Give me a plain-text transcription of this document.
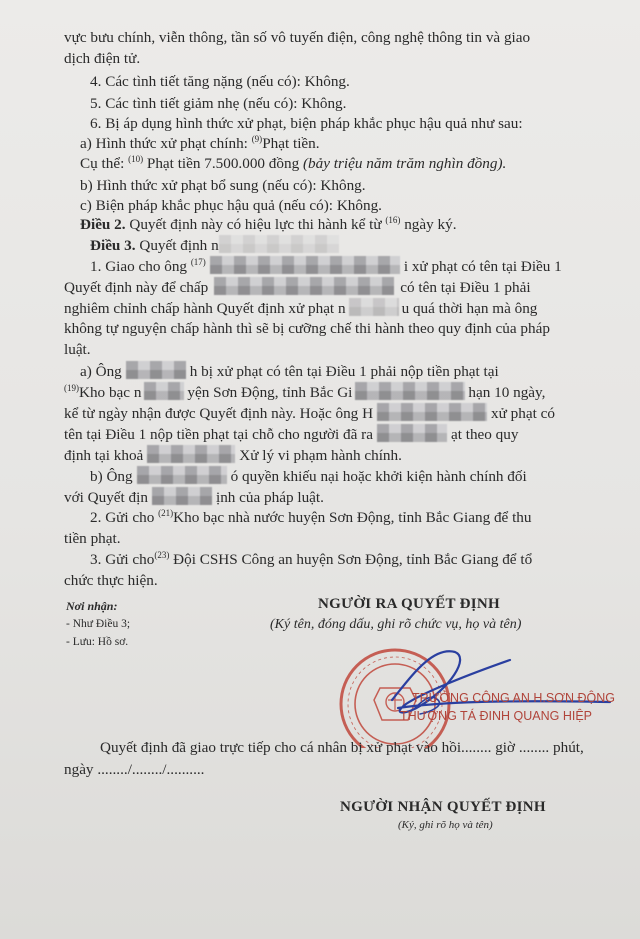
vực bưu chính, viễn thông, tần số vô tuyến điện, công nghệ thông tin và giao
dịch điện tử.
4. Các tình tiết tăng nặng (nếu có): Không.
5. Các tình tiết giảm nhẹ (nếu có): Không.
6. Bị áp dụng hình thức xử phạt, biện pháp khắc phục hậu quả như sau:
a) Hình thức xử phạt chính: $^{(9)}$Phạt tiền.
Cụ thể: $^{(10)}$ Phạt tiền 7.500.000 đồng (bảy triệu năm trăm nghìn đồng).
b) Hình thức xử phạt bổ sung (nếu có): Không.
c) Biện pháp khắc phục hậu quả (nếu có): Không.
Điều 2. Quyết định này có hiệu lực thi hành kể từ $^{(16)}$ ngày ký.
Điều 3. Quyết định n
1. Giao cho ông $^{(17)}$	i xử phạt có tên tại Điều 1
Quyết định này để chấp	có tên tại Điều 1 phải
nghiêm chỉnh chấp hành Quyết định xử phạt n	u quá thời hạn mà ông
không tự nguyện chấp hành thì sẽ bị cưỡng chế thi hành theo quy định của pháp
luật.
a) Ông	h bị xử phạt có tên tại Điều 1 phải nộp tiền phạt tại
$^{(19)}$Kho bạc n	yện Sơn Động, tỉnh Bắc Gi	hạn 10 ngày,
kể từ ngày nhận được Quyết định này. Hoặc ông H	xử phạt có
tên tại Điều 1 nộp tiền phạt tại chỗ cho người đã ra	ạt theo quy
định tại khoả	Xử lý vi phạm hành chính.
b) Ông	ó quyền khiếu nại hoặc khởi kiện hành chính đối
với Quyết địn	ịnh của pháp luật.
2. Gửi cho $^{(21)}$Kho bạc nhà nước huyện Sơn Động, tỉnh Bắc Giang để thu
tiền phạt.
3. Gửi cho$^{(23)}$ Đội CSHS Công an huyện Sơn Động, tỉnh Bắc Giang để tổ
chức thực hiện.
Nơi nhận:
- Như Điều 3;
- Lưu: Hồ sơ.
NGƯỜI RA QUYẾT ĐỊNH
(Ký tên, đóng dấu, ghi rõ chức vụ, họ và tên)
TRƯỞNG CÔNG AN H.SƠN ĐỘNG
THƯỢNG TÁ ĐINH QUANG HIỆP
Quyết định đã giao trực tiếp cho cá nhân bị xử phạt vào hồi........ giờ ........ phút,
ngày ......../......../..........
NGƯỜI NHẬN QUYẾT ĐỊNH
(Ký, ghi rõ họ và tên)
